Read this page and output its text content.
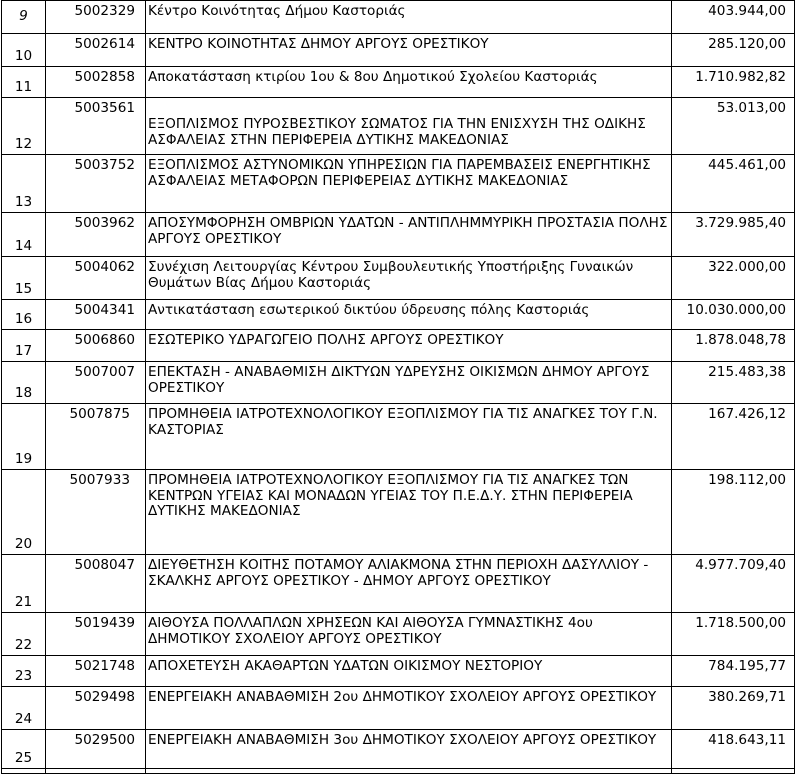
9	5002329	Κέντρο Κοινότητας Δήμου Καστοριάς	403.944,00
10	5002614	ΚΕΝΤΡΟ ΚΟΙΝΟΤΗΤΑΣ ΔΗΜΟΥ ΑΡΓΟΥΣ ΟΡΕΣΤΙΚΟΥ	285.120,00
11	5002858	Αποκατάσταση κτιρίου 1ου & 8ου Δημοτικού Σχολείου Καστοριάς	1.710.982,82
12	5003561	ΕΞΟΠΛΙΣΜΟΣ ΠΥΡΟΣΒΕΣΤΙΚΟΥ ΣΩΜΑΤΟΣ ΓΙΑ ΤΗΝ ΕΝΙΣΧΥΣΗ ΤΗΣ ΟΔΙΚΗΣ ΑΣΦΑΛΕΙΑΣ ΣΤΗΝ ΠΕΡΙΦΕΡΕΙΑ ΔΥΤΙΚΗΣ ΜΑΚΕΔΟΝΙΑΣ	53.013,00
13	5003752	ΕΞΟΠΛΙΣΜΟΣ ΑΣΤΥΝΟΜΙΚΩΝ ΥΠΗΡΕΣΙΩΝ ΓΙΑ ΠΑΡΕΜΒΑΣΕΙΣ ΕΝΕΡΓΗΤΙΚΗΣ ΑΣΦΑΛΕΙΑΣ ΜΕΤΑΦΟΡΩΝ ΠΕΡΙΦΕΡΕΙΑΣ ΔΥΤΙΚΗΣ ΜΑΚΕΔΟΝΙΑΣ	445.461,00
14	5003962	ΑΠΟΣΥΜΦΟΡΗΣΗ ΟΜΒΡΙΩΝ ΥΔΑΤΩΝ - ΑΝΤΙΠΛΗΜΜΥΡΙΚΗ ΠΡΟΣΤΑΣΙΑ ΠΟΛΗΣ ΑΡΓΟΥΣ ΟΡΕΣΤΙΚΟΥ	3.729.985,40
15	5004062	Συνέχιση Λειτουργίας Κέντρου Συμβουλευτικής Υποστήριξης Γυναικών Θυμάτων Βίας Δήμου Καστοριάς	322.000,00
16	5004341	Αντικατάσταση εσωτερικού δικτύου ύδρευσης πόλης Καστοριάς	10.030.000,00
17	5006860	ΕΣΩΤΕΡΙΚΟ ΥΔΡΑΓΩΓΕΙΟ ΠΟΛΗΣ ΑΡΓΟΥΣ ΟΡΕΣΤΙΚΟΥ	1.878.048,78
18	5007007	ΕΠΕΚΤΑΣΗ - ΑΝΑΒΑΘΜΙΣΗ ΔΙΚΤΥΩΝ ΥΔΡΕΥΣΗΣ ΟΙΚΙΣΜΩΝ ΔΗΜΟΥ ΑΡΓΟΥΣ ΟΡΕΣΤΙΚΟΥ	215.483,38
19	5007875	ΠΡΟΜΗΘΕΙΑ ΙΑΤΡΟΤΕΧΝΟΛΟΓΙΚΟΥ ΕΞΟΠΛΙΣΜΟΥ ΓΙΑ ΤΙΣ ΑΝΑΓΚΕΣ ΤΟΥ Γ.Ν. ΚΑΣΤΟΡΙΑΣ	167.426,12
20	5007933	ΠΡΟΜΗΘΕΙΑ ΙΑΤΡΟΤΕΧΝΟΛΟΓΙΚΟΥ ΕΞΟΠΛΙΣΜΟΥ ΓΙΑ ΤΙΣ ΑΝΑΓΚΕΣ ΤΩΝ ΚΕΝΤΡΩΝ ΥΓΕΙΑΣ ΚΑΙ ΜΟΝΑΔΩΝ ΥΓΕΙΑΣ ΤΟΥ Π.Ε.Δ.Υ. ΣΤΗΝ ΠΕΡΙΦΕΡΕΙΑ ΔΥΤΙΚΗΣ ΜΑΚΕΔΟΝΙΑΣ	198.112,00
21	5008047	ΔΙΕΥΘΕΤΗΣΗ ΚΟΙΤΗΣ ΠΟΤΑΜΟΥ ΑΛΙΑΚΜΟΝΑ ΣΤΗΝ ΠΕΡΙΟΧΗ ΔΑΣΥΛΛΙΟΥ - ΣΚΑΛΚΗΣ ΑΡΓΟΥΣ ΟΡΕΣΤΙΚΟΥ - ΔΗΜΟΥ ΑΡΓΟΥΣ ΟΡΕΣΤΙΚΟΥ	4.977.709,40
22	5019439	ΑΙΘΟΥΣΑ ΠΟΛΛΑΠΛΩΝ ΧΡΗΣΕΩΝ ΚΑΙ ΑΙΘΟΥΣΑ ΓΥΜΝΑΣΤΙΚΗΣ 4ου ΔΗΜΟΤΙΚΟΥ ΣΧΟΛΕΙΟΥ ΑΡΓΟΥΣ ΟΡΕΣΤΙΚΟΥ	1.718.500,00
23	5021748	ΑΠΟΧΕΤΕΥΣΗ ΑΚΑΘΑΡΤΩΝ ΥΔΑΤΩΝ ΟΙΚΙΣΜΟΥ ΝΕΣΤΟΡΙΟΥ	784.195,77
24	5029498	ΕΝΕΡΓΕΙΑΚΗ ΑΝΑΒΑΘΜΙΣΗ 2ου ΔΗΜΟΤΙΚΟΥ ΣΧΟΛΕΙΟΥ ΑΡΓΟΥΣ ΟΡΕΣΤΙΚΟΥ	380.269,71
25	5029500	ΕΝΕΡΓΕΙΑΚΗ ΑΝΑΒΑΘΜΙΣΗ 3ου ΔΗΜΟΤΙΚΟΥ ΣΧΟΛΕΙΟΥ ΑΡΓΟΥΣ ΟΡΕΣΤΙΚΟΥ	418.643,11
